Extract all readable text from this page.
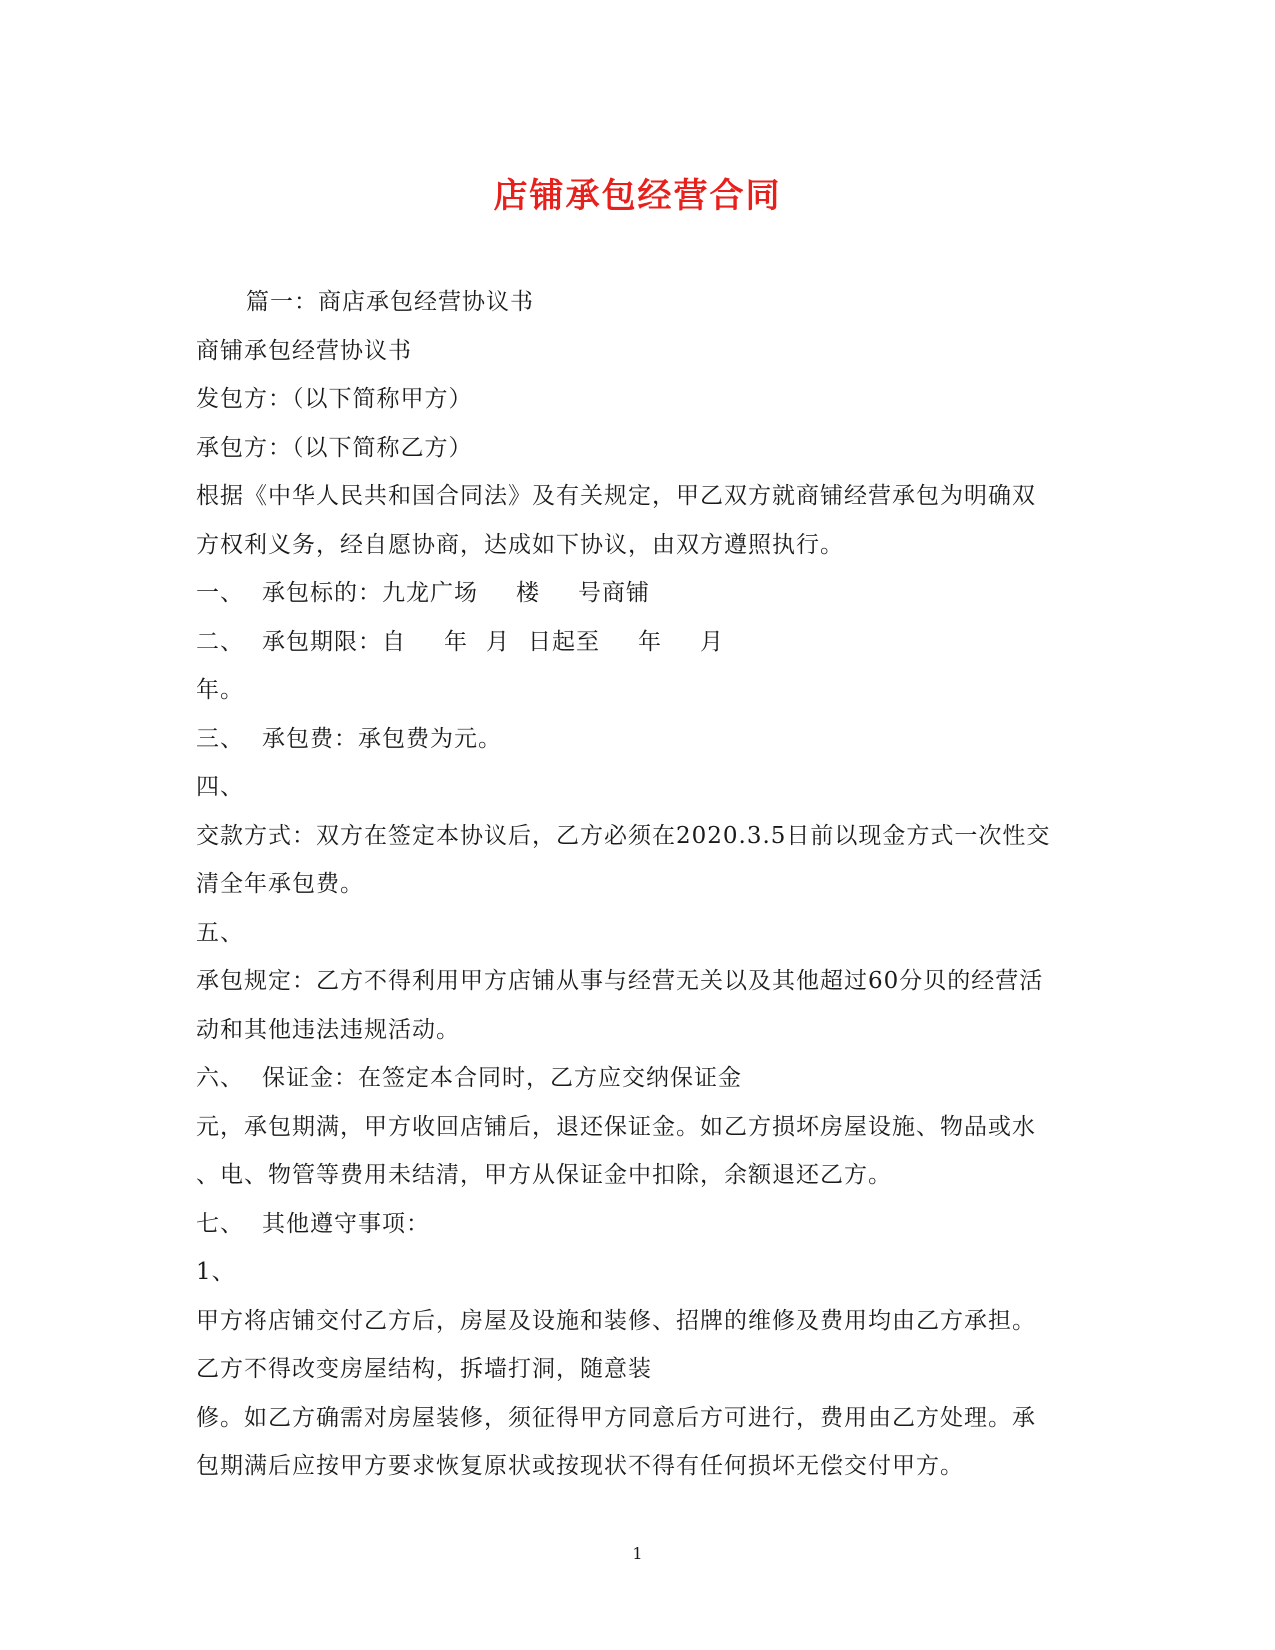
店铺承包经营合同
篇一：商店承包经营协议书
商铺承包经营协议书
发包方：（以下简称甲方）
承包方：（以下简称乙方）
根据《中华人民共和国合同法》及有关规定，甲乙双方就商铺经营承包为明确双
方权利义务，经自愿协商，达成如下协议，由双方遵照执行。
一、 承包标的：九龙广场 楼 号商铺
二、 承包期限：自 年 月 日起至 年 月
年。
三、 承包费：承包费为元。
四、
交款方式：双方在签定本协议后，乙方必须在2020.3.5日前以现金方式一次性交
清全年承包费。
五、
承包规定：乙方不得利用甲方店铺从事与经营无关以及其他超过60分贝的经营活
动和其他违法违规活动。
六、 保证金：在签定本合同时，乙方应交纳保证金
元，承包期满，甲方收回店铺后，退还保证金。如乙方损坏房屋设施、物品或水
、电、物管等费用未结清，甲方从保证金中扣除，余额退还乙方。
七、 其他遵守事项：
1、
甲方将店铺交付乙方后，房屋及设施和装修、招牌的维修及费用均由乙方承担。
乙方不得改变房屋结构，拆墙打洞，随意装
修。如乙方确需对房屋装修，须征得甲方同意后方可进行，费用由乙方处理。承
包期满后应按甲方要求恢复原状或按现状不得有任何损坏无偿交付甲方。
1
